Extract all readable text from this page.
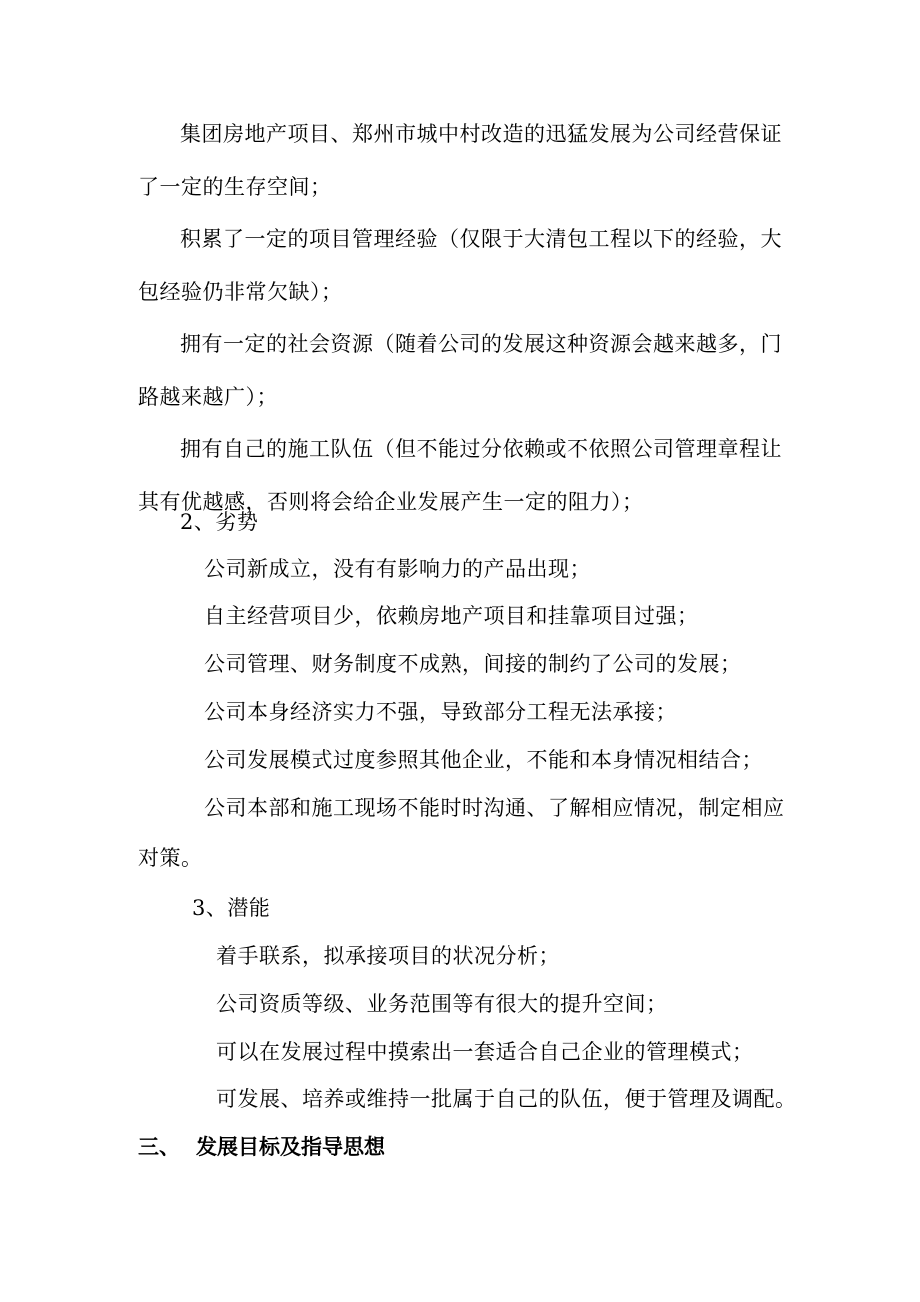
集团房地产项目、郑州市城中村改造的迅猛发展为公司经营保证
了一定的生存空间；

积累了一定的项目管理经验（仅限于大清包工程以下的经验，大
包经验仍非常欠缺）；

拥有一定的社会资源（随着公司的发展这种资源会越来越多，门
路越来越广）；

拥有自己的施工队伍（但不能过分依赖或不依照公司管理章程让
其有优越感，否则将会给企业发展产生一定的阻力）；

2、劣势
公司新成立，没有有影响力的产品出现；
自主经营项目少，依赖房地产项目和挂靠项目过强；
公司管理、财务制度不成熟，间接的制约了公司的发展；
公司本身经济实力不强，导致部分工程无法承接；
公司发展模式过度参照其他企业，不能和本身情况相结合；
公司本部和施工现场不能时时沟通、了解相应情况，制定相应
对策。
3、潜能
着手联系，拟承接项目的状况分析；
公司资质等级、业务范围等有很大的提升空间；
可以在发展过程中摸索出一套适合自己企业的管理模式；
可发展、培养或维持一批属于自己的队伍，便于管理及调配。
三、 发展目标及指导思想
